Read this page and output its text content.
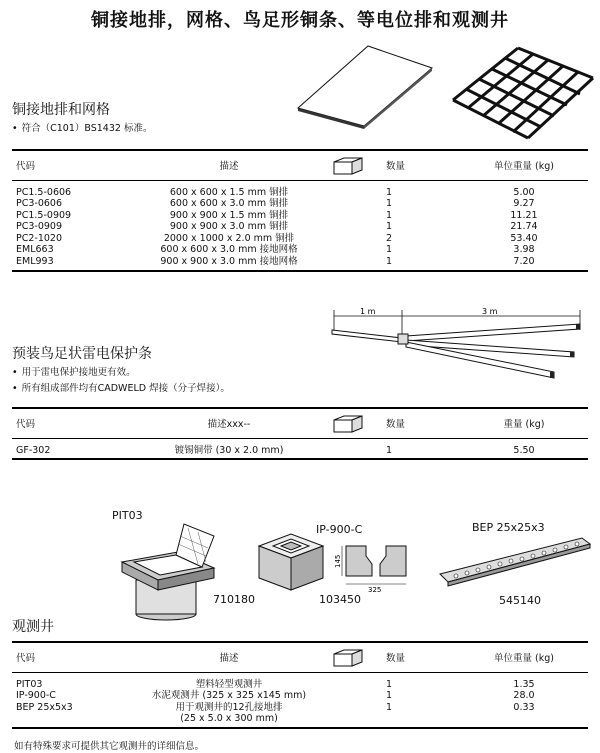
铜接地排，网格、鸟足形铜条、等电位排和观测井
铜接地排和网格
• 符合（C101）BS1432 标准。
代码	描述		数量	单位重量 (kg)
PC1.5-0606	600 x 600 x 1.5 mm 铜排		1	5.00
PC3-0606	600 x 600 x 3.0 mm 铜排		1	9.27
PC1.5-0909	900 x 900 x 1.5 mm 铜排		1	11.21
PC3-0909	900 x 900 x 3.0 mm 铜排		1	21.74
PC2-1020	2000 x 1000 x 2.0 mm 铜排		2	53.40
EML663	600 x 600 x 3.0 mm 接地网格		1	3.98
EML993	900 x 900 x 3.0 mm 接地网格		1	7.20
1 m	3 m
预装鸟足状雷电保护条
• 用于雷电保护接地更有效。
• 所有组成部件均有CADWELD 焊接（分子焊接）。
代码	描述xxx--		数量	重量 (kg)
GF-302	镀锡铜带 (30 x 2.0 mm)		1	5.50
PIT03
710180
IP-900-C
145
325
103450
BEP 25x25x3
545140
观测井
代码	描述		数量	单位重量 (kg)
PIT03	塑料轻型观测井		1	1.35
IP-900-C	水泥观测井 (325 x 325 x145 mm)		1	28.0
BEP 25x5x3	用于观测井的12孔接地排		1	0.33
	(25 x 5.0 x 300 mm)			
如有特殊要求可提供其它观测井的详细信息。
